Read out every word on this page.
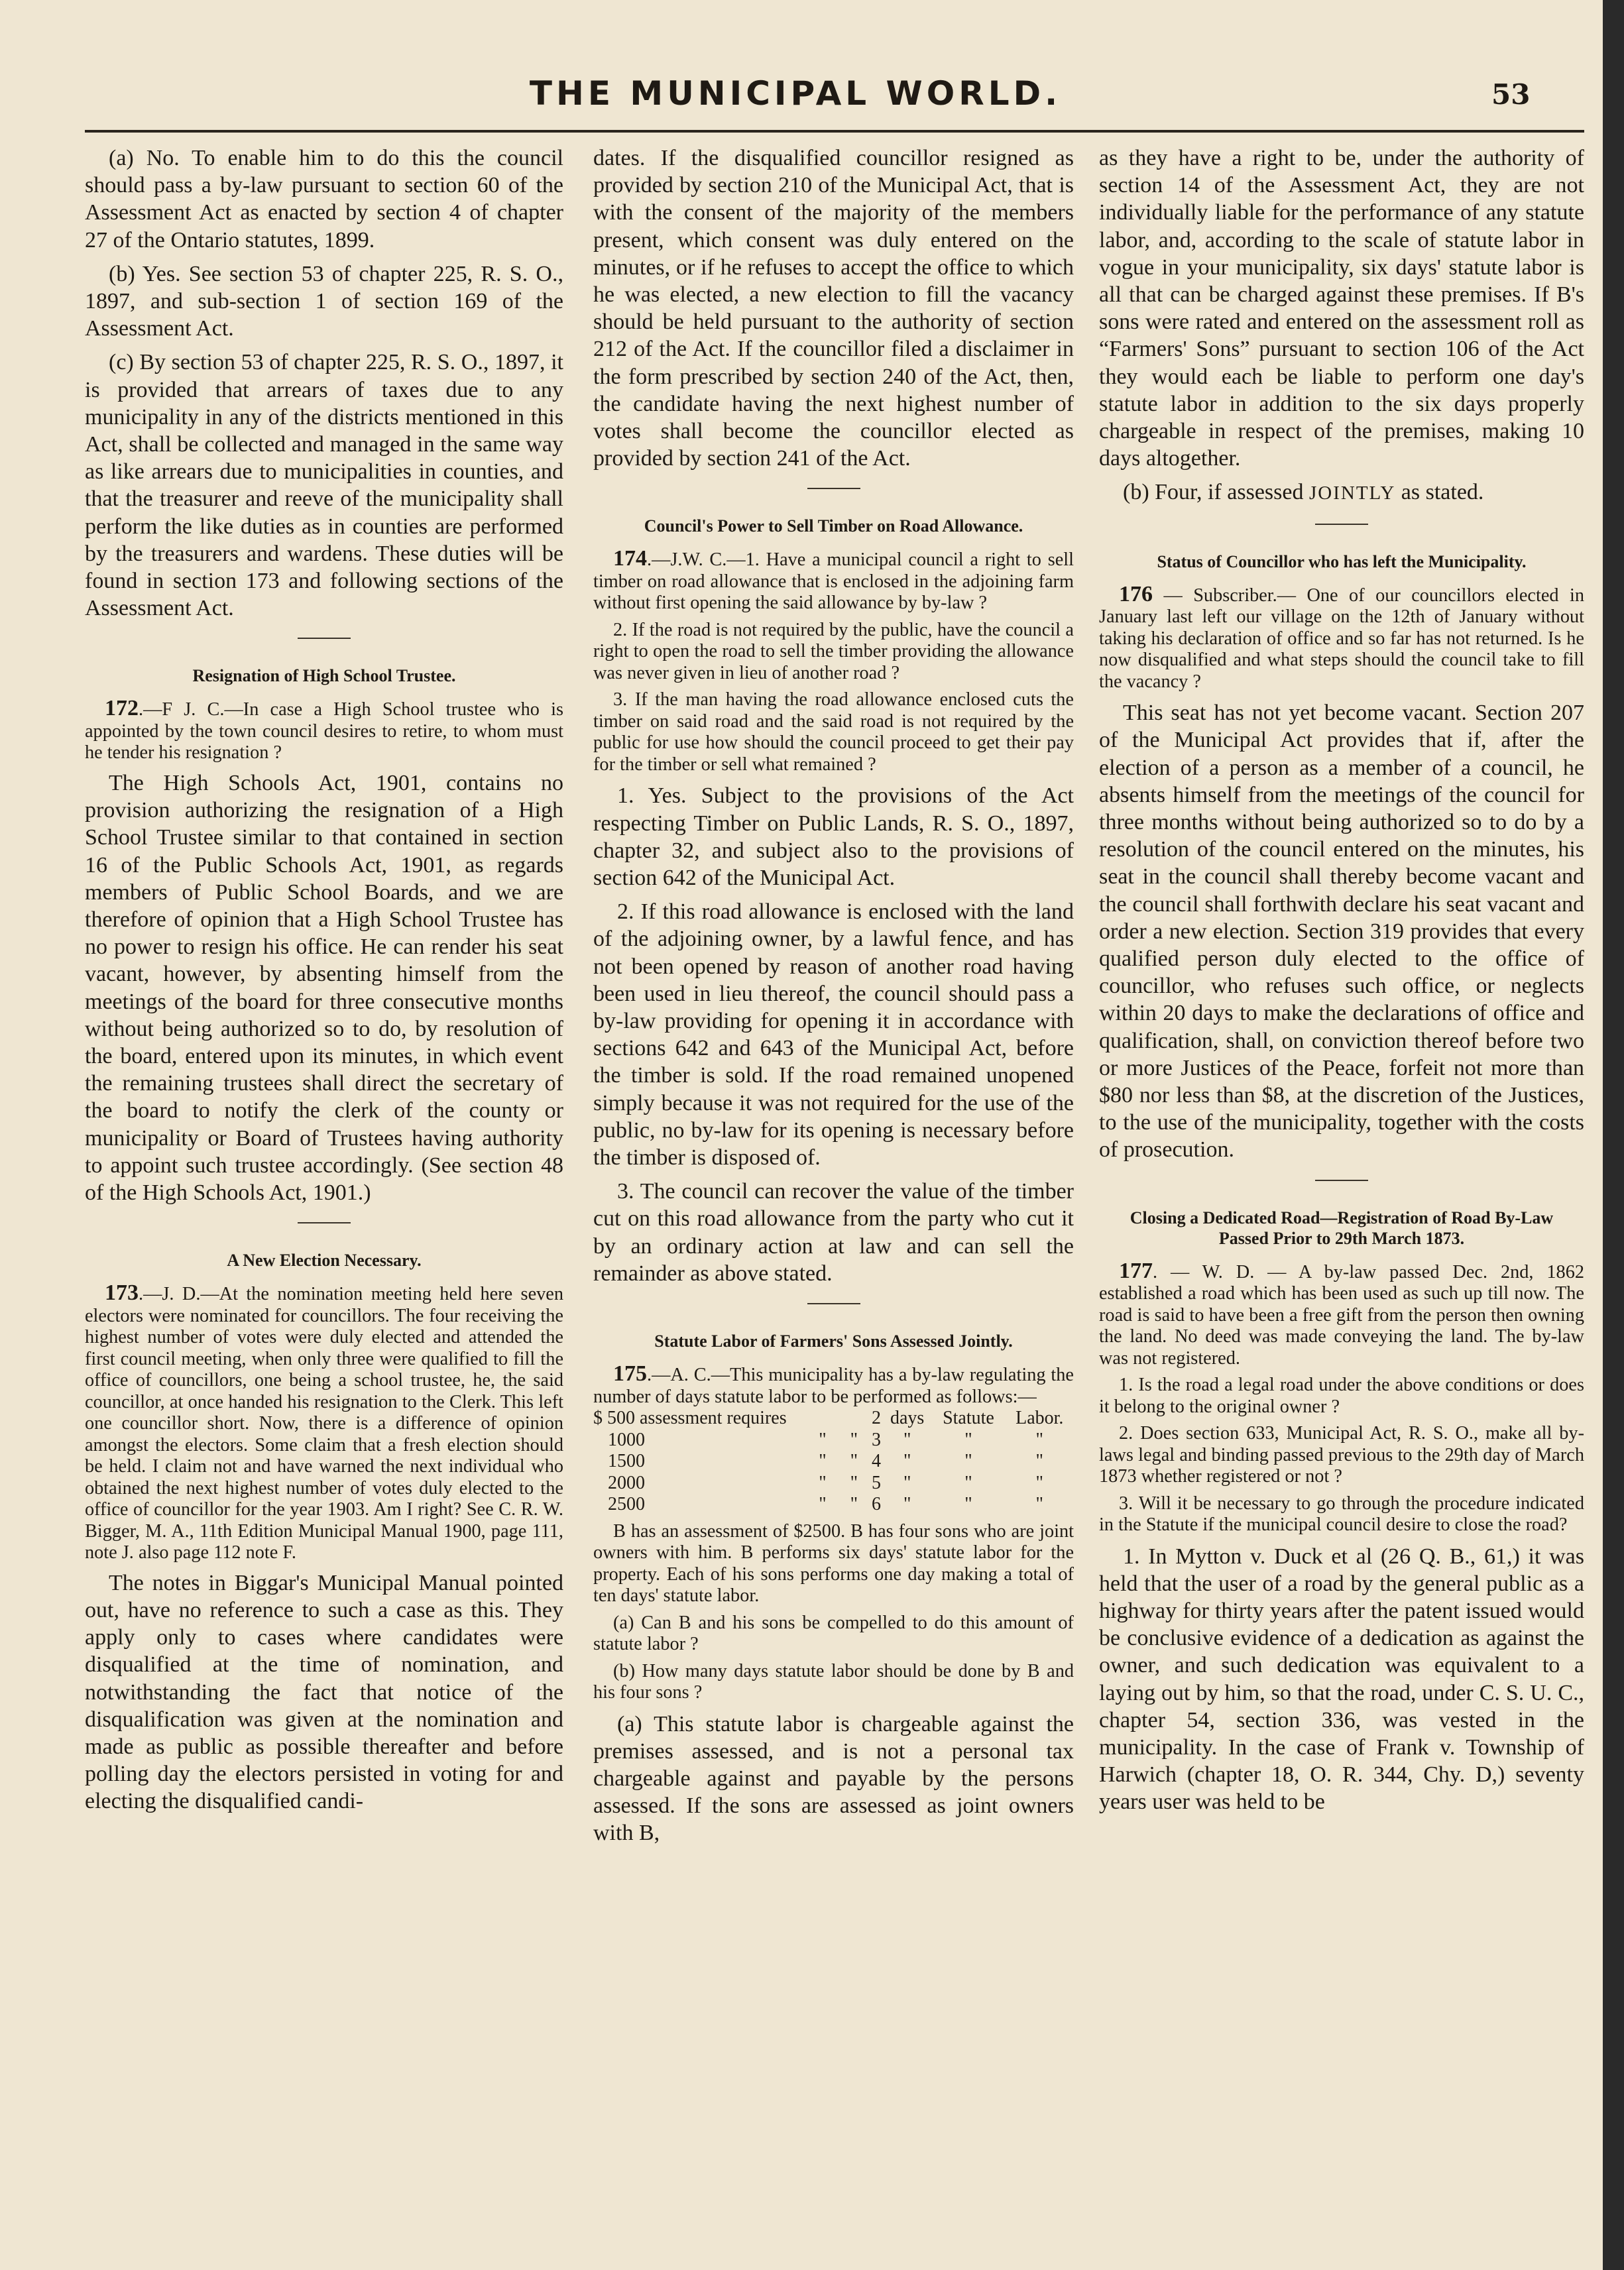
THE MUNICIPAL WORLD.	53

(a) No. To enable him to do this the council should pass a by-law pursuant to section 60 of the Assessment Act as enacted by section 4 of chapter 27 of the Ontario statutes, 1899.

(b) Yes. See section 53 of chapter 225, R. S. O., 1897, and sub-section 1 of section 169 of the Assessment Act.

(c) By section 53 of chapter 225, R. S. O., 1897, it is provided that arrears of taxes due to any municipality in any of the districts mentioned in this Act, shall be collected and managed in the same way as like arrears due to municipalities in counties, and that the treasurer and reeve of the municipality shall perform the like duties as in counties are performed by the treasurers and wardens. These duties will be found in section 173 and following sections of the Assessment Act.

Resignation of High School Trustee.

172.—F J. C.—In case a High School trustee who is appointed by the town council desires to retire, to whom must he tender his resignation ?

The High Schools Act, 1901, contains no provision authorizing the resignation of a High School Trustee similar to that contained in section 16 of the Public Schools Act, 1901, as regards members of Public School Boards, and we are therefore of opinion that a High School Trustee has no power to resign his office. He can render his seat vacant, however, by absenting himself from the meetings of the board for three consecutive months without being authorized so to do, by resolution of the board, entered upon its minutes, in which event the remaining trustees shall direct the secretary of the board to notify the clerk of the county or municipality or Board of Trustees having authority to appoint such trustee accordingly. (See section 48 of the High Schools Act, 1901.)

A New Election Necessary.

173.—J. D.—At the nomination meeting held here seven electors were nominated for councillors. The four receiving the highest number of votes were duly elected and attended the first council meeting, when only three were qualified to fill the office of councillors, one being a school trustee, he, the said councillor, at once handed his resignation to the Clerk. This left one councillor short. Now, there is a difference of opinion amongst the electors. Some claim that a fresh election should be held. I claim not and have warned the next individual who obtained the next highest number of votes duly elected to the office of councillor for the year 1903. Am I right? See C. R. W. Bigger, M. A., 11th Edition Municipal Manual 1900, page 111, note J. also page 112 note F.

The notes in Biggar's Municipal Manual pointed out, have no reference to such a case as this. They apply only to cases where candidates were disqualified at the time of nomination, and notwithstanding the fact that notice of the disqualification was given at the nomination and made as public as possible thereafter and before polling day the electors persisted in voting for and electing the disqualified candi-

dates. If the disqualified councillor resigned as provided by section 210 of the Municipal Act, that is with the consent of the majority of the members present, which consent was duly entered on the minutes, or if he refuses to accept the office to which he was elected, a new election to fill the vacancy should be held pursuant to the authority of section 212 of the Act. If the councillor filed a disclaimer in the form prescribed by section 240 of the Act, then, the candidate having the next highest number of votes shall become the councillor elected as provided by section 241 of the Act.

Council's Power to Sell Timber on Road Allowance.

174.—J.W. C.—1. Have a municipal council a right to sell timber on road allowance that is enclosed in the adjoining farm without first opening the said allowance by by-law ?

2. If the road is not required by the public, have the council a right to open the road to sell the timber providing the allowance was never given in lieu of another road ?

3. If the man having the road allowance enclosed cuts the timber on said road and the said road is not required by the public for use how should the council proceed to get their pay for the timber or sell what remained ?

1. Yes. Subject to the provisions of the Act respecting Timber on Public Lands, R. S. O., 1897, chapter 32, and subject also to the provisions of section 642 of the Municipal Act.

2. If this road allowance is enclosed with the land of the adjoining owner, by a lawful fence, and has not been opened by reason of another road having been used in lieu thereof, the council should pass a by-law providing for opening it in accordance with sections 642 and 643 of the Municipal Act, before the timber is sold. If the road remained unopened simply because it was not required for the use of the public, no by-law for its opening is necessary before the timber is disposed of.

3. The council can recover the value of the timber cut on this road allowance from the party who cut it by an ordinary action at law and can sell the remainder as above stated.

Statute Labor of Farmers' Sons Assessed Jointly.

175.—A. C.—This municipality has a by-law regulating the number of days statute labor to be performed as follows:—

$ 500 assessment requires			2	days	Statute	Labor.
1000	"	"	3	"	"	"
1500	"	"	4	"	"	"
2000	"	"	5	"	"	"
2500	"	"	6	"	"	"

B has an assessment of $2500. B has four sons who are joint owners with him. B performs six days' statute labor for the property. Each of his sons performs one day making a total of ten days' statute labor.

(a) Can B and his sons be compelled to do this amount of statute labor ?

(b) How many days statute labor should be done by B and his four sons ?

(a) This statute labor is chargeable against the premises assessed, and is not a personal tax chargeable against and payable by the persons assessed. If the sons are assessed as joint owners with B,

as they have a right to be, under the authority of section 14 of the Assessment Act, they are not individually liable for the performance of any statute labor, and, according to the scale of statute labor in vogue in your municipality, six days' statute labor is all that can be charged against these premises. If B's sons were rated and entered on the assessment roll as “Farmers' Sons” pursuant to section 106 of the Act they would each be liable to perform one day's statute labor in addition to the six days properly chargeable in respect of the premises, making 10 days altogether.

(b) Four, if assessed JOINTLY as stated.

Status of Councillor who has left the Municipality.

176 — Subscriber.— One of our councillors elected in January last left our village on the 12th of January without taking his declaration of office and so far has not returned. Is he now disqualified and what steps should the council take to fill the vacancy ?

This seat has not yet become vacant. Section 207 of the Municipal Act provides that if, after the election of a person as a member of a council, he absents himself from the meetings of the council for three months without being authorized so to do by a resolution of the council entered on the minutes, his seat in the council shall thereby become vacant and the council shall forthwith declare his seat vacant and order a new election. Section 319 provides that every qualified person duly elected to the office of councillor, who refuses such office, or neglects within 20 days to make the declarations of office and qualification, shall, on conviction thereof before two or more Justices of the Peace, forfeit not more than $80 nor less than $8, at the discretion of the Justices, to the use of the municipality, together with the costs of prosecution.

Closing a Dedicated Road—Registration of Road By-Law
Passed Prior to 29th March 1873.

177. — W. D. — A by-law passed Dec. 2nd, 1862 established a road which has been used as such up till now. The road is said to have been a free gift from the person then owning the land. No deed was made conveying the land. The by-law was not registered.

1. Is the road a legal road under the above conditions or does it belong to the original owner ?

2. Does section 633, Municipal Act, R. S. O., make all by-laws legal and binding passed previous to the 29th day of March 1873 whether registered or not ?

3. Will it be necessary to go through the procedure indicated in the Statute if the municipal council desire to close the road?

1. In Mytton v. Duck et al (26 Q. B., 61,) it was held that the user of a road by the general public as a highway for thirty years after the patent issued would be conclusive evidence of a dedication as against the owner, and such dedication was equivalent to a laying out by him, so that the road, under C. S. U. C., chapter 54, section 336, was vested in the municipality. In the case of Frank v. Township of Harwich (chapter 18, O. R. 344, Chy. D,) seventy years user was held to be
